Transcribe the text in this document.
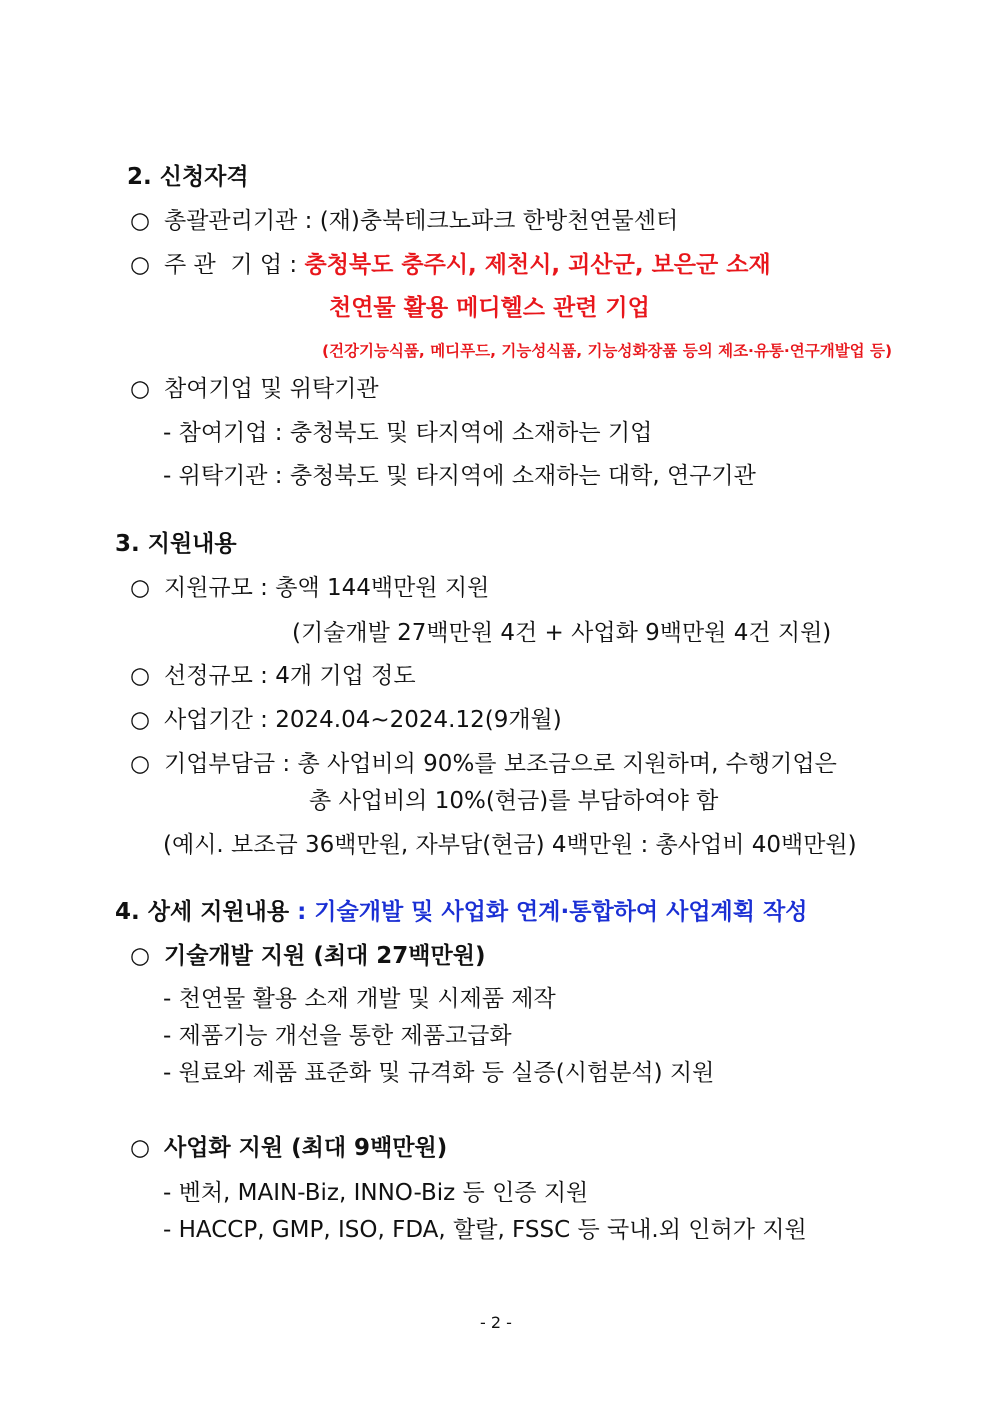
2. 신청자격
○ 총괄관리기관 : (재)충북테크노파크 한방천연물센터
○ 주 관  기 업 : 충청북도 충주시, 제천시, 괴산군, 보은군 소재
천연물 활용 메디헬스 관련 기업
(건강기능식품, 메디푸드, 기능성식품, 기능성화장품 등의 제조·유통·연구개발업 등)
○ 참여기업 및 위탁기관
- 참여기업 : 충청북도 및 타지역에 소재하는 기업
- 위탁기관 : 충청북도 및 타지역에 소재하는 대학, 연구기관
3. 지원내용
○ 지원규모 : 총액 144백만원 지원
(기술개발 27백만원 4건 + 사업화 9백만원 4건 지원)
○ 선정규모 : 4개 기업 정도
○ 사업기간 : 2024.04~2024.12(9개월)
○ 기업부담금 : 총 사업비의 90%를 보조금으로 지원하며, 수행기업은
총 사업비의 10%(현금)를 부담하여야 함
(예시. 보조금 36백만원, 자부담(현금) 4백만원 : 총사업비 40백만원)
4. 상세 지원내용 : 기술개발 및 사업화 연계·통합하여 사업계획 작성
○ 기술개발 지원 (최대 27백만원)
- 천연물 활용 소재 개발 및 시제품 제작
- 제품기능 개선을 통한 제품고급화
- 원료와 제품 표준화 및 규격화 등 실증(시험분석) 지원
○ 사업화 지원 (최대 9백만원)
- 벤처, MAIN-Biz, INNO-Biz 등 인증 지원
- HACCP, GMP, ISO, FDA, 할랄, FSSC 등 국내.외 인허가 지원
- 2 -
